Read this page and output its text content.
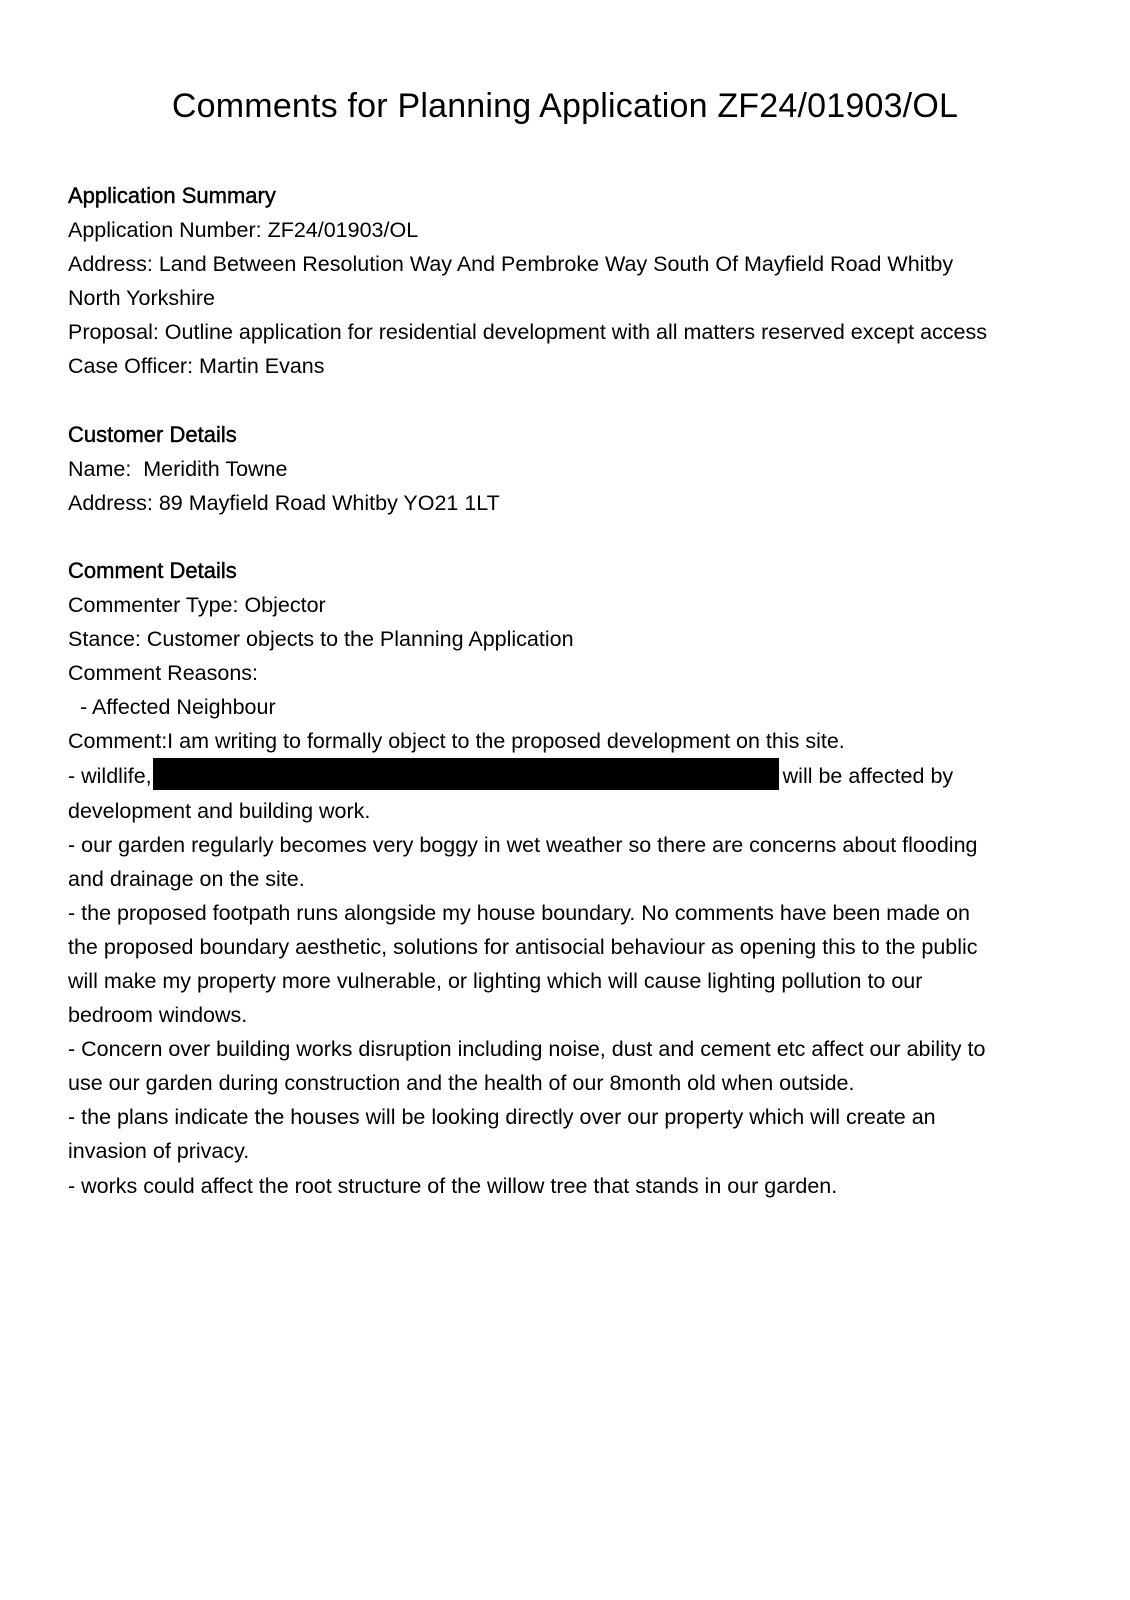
Comments for Planning Application ZF24/01903/OL

Application Summary

Application Number: ZF24/01903/OL

Address: Land Between Resolution Way And Pembroke Way South Of Mayfield Road Whitby

North Yorkshire

Proposal: Outline application for residential development with all matters reserved except access

Case Officer: Martin Evans

Customer Details

Name:  Meridith Towne

Address: 89 Mayfield Road Whitby YO21 1LT

Comment Details

Commenter Type: Objector

Stance: Customer objects to the Planning Application

Comment Reasons:

- Affected Neighbour

Comment:I am writing to formally object to the proposed development on this site.

- wildlife,	will be affected by

development and building work.

- our garden regularly becomes very boggy in wet weather so there are concerns about flooding

and drainage on the site.

- the proposed footpath runs alongside my house boundary. No comments have been made on

the proposed boundary aesthetic, solutions for antisocial behaviour as opening this to the public

will make my property more vulnerable, or lighting which will cause lighting pollution to our

bedroom windows.

- Concern over building works disruption including noise, dust and cement etc affect our ability to

use our garden during construction and the health of our 8month old when outside.

- the plans indicate the houses will be looking directly over our property which will create an

invasion of privacy.

- works could affect the root structure of the willow tree that stands in our garden.
